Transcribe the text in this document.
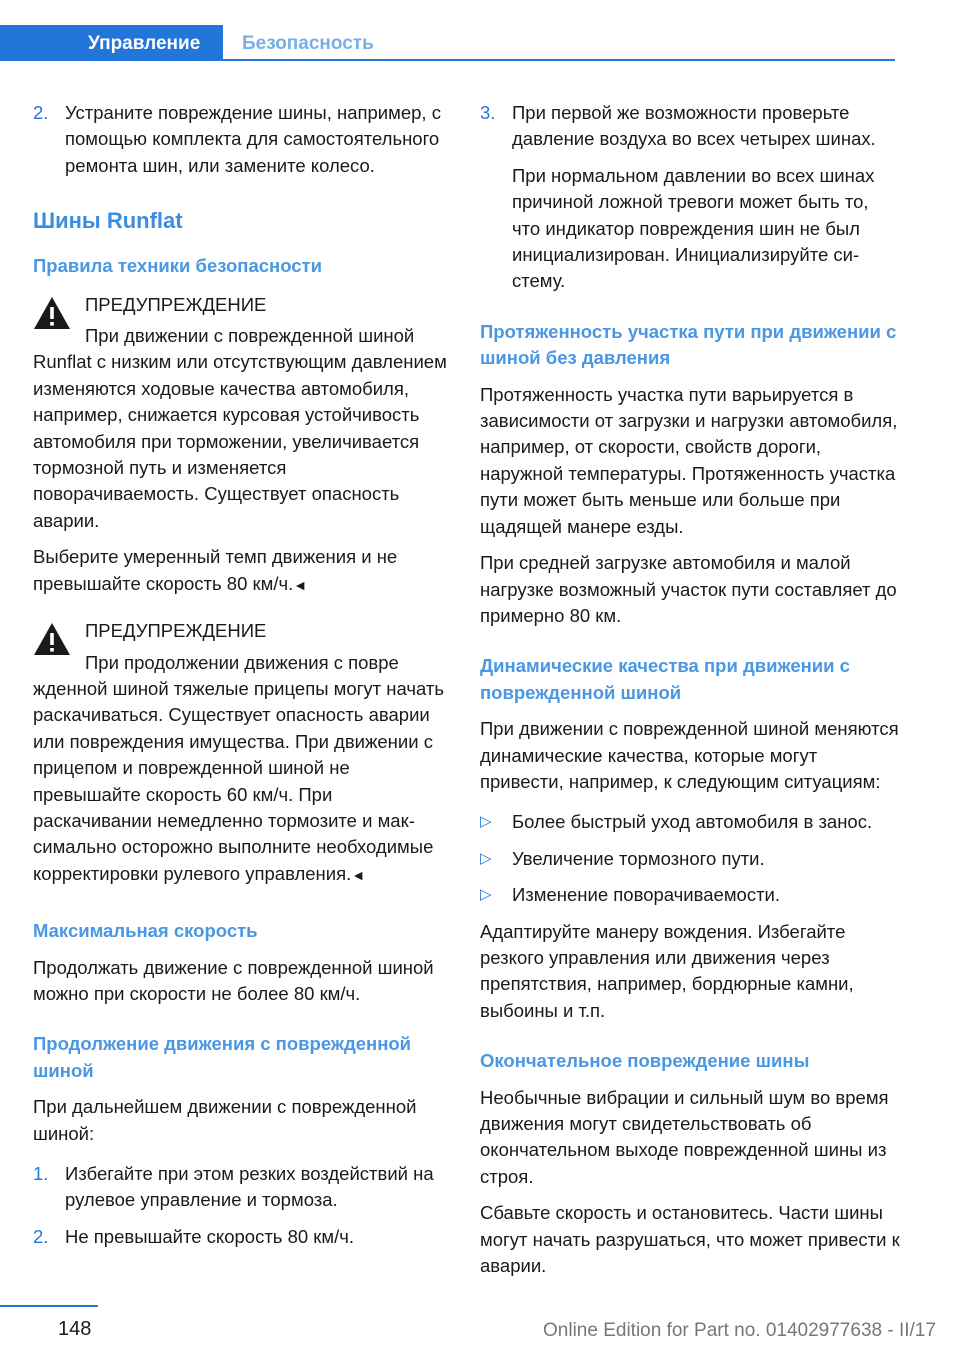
Управление	Безопасность
2. Устраните повреждение шины, например, с помощью комплекта для самостоятельного ремонта шин, или замените колесо.
Шины Runflat
Правила техники безопасности
ПРЕДУПРЕЖДЕНИЕ
При движении с поврежденной шиной

Runflat с низким или отсутствующим давлением изменяются ходовые качества автомобиля, например, снижается курсовая устойчивость автомобиля при торможении, увеличивается тормозной путь и изменяется поворачиваемость. Существует опасность аварии.

Выберите умеренный темп движения и не превышайте скорость 80 км/ч.◄

ПРЕДУПРЕЖДЕНИЕ
При продолжении движения с повре

жденной шиной тяжелые прицепы могут начать раскачиваться. Существует опасность аварии или повреждения имущества. При движении с прицепом и поврежденной шиной не превышайте скорость 60 км/ч. При раскачивании немедленно тормозите и максимально осторожно выполните необходимые корректировки рулевого управления.◄

Максимальная скорость

Продолжать движение с поврежденной шиной можно при скорости не более 80 км/ч.

Продолжение движения с поврежденной шиной

При дальнейшем движении с поврежденной шиной:

1. Избегайте при этом резких воздействий на рулевое управление и тормоза.
2. Не превышайте скорость 80 км/ч.
3. При первой же возможности проверьте давление воздуха во всех четырех шинах.

При нормальном давлении во всех шинах причиной ложной тревоги может быть то, что индикатор повреждения шин не был инициализирован. Инициализируйте систему.

Протяженность участка пути при движении с шиной без давления

Протяженность участка пути варьируется в зависимости от загрузки и нагрузки автомобиля, например, от скорости, свойств дороги, наружной температуры. Протяженность участка пути может быть меньше или больше при щадящей манере езды.

При средней загрузке автомобиля и малой нагрузке возможный участок пути составляет до примерно 80 км.

Динамические качества при движении с поврежденной шиной

При движении с поврежденной шиной меняются динамические качества, которые могут привести, например, к следующим ситуациям:

▷ Более быстрый уход автомобиля в занос.
▷ Увеличение тормозного пути.
▷ Изменение поворачиваемости.

Адаптируйте манеру вождения. Избегайте резкого управления или движения через препятствия, например, бордюрные камни, выбоины и т.п.

Окончательное повреждение шины

Необычные вибрации и сильный шум во время движения могут свидетельствовать об окончательном выходе поврежденной шины из строя.

Сбавьте скорость и остановитесь. Части шины могут начать разрушаться, что может привести к аварии.

148	Online Edition for Part no. 01402977638 - II/17
